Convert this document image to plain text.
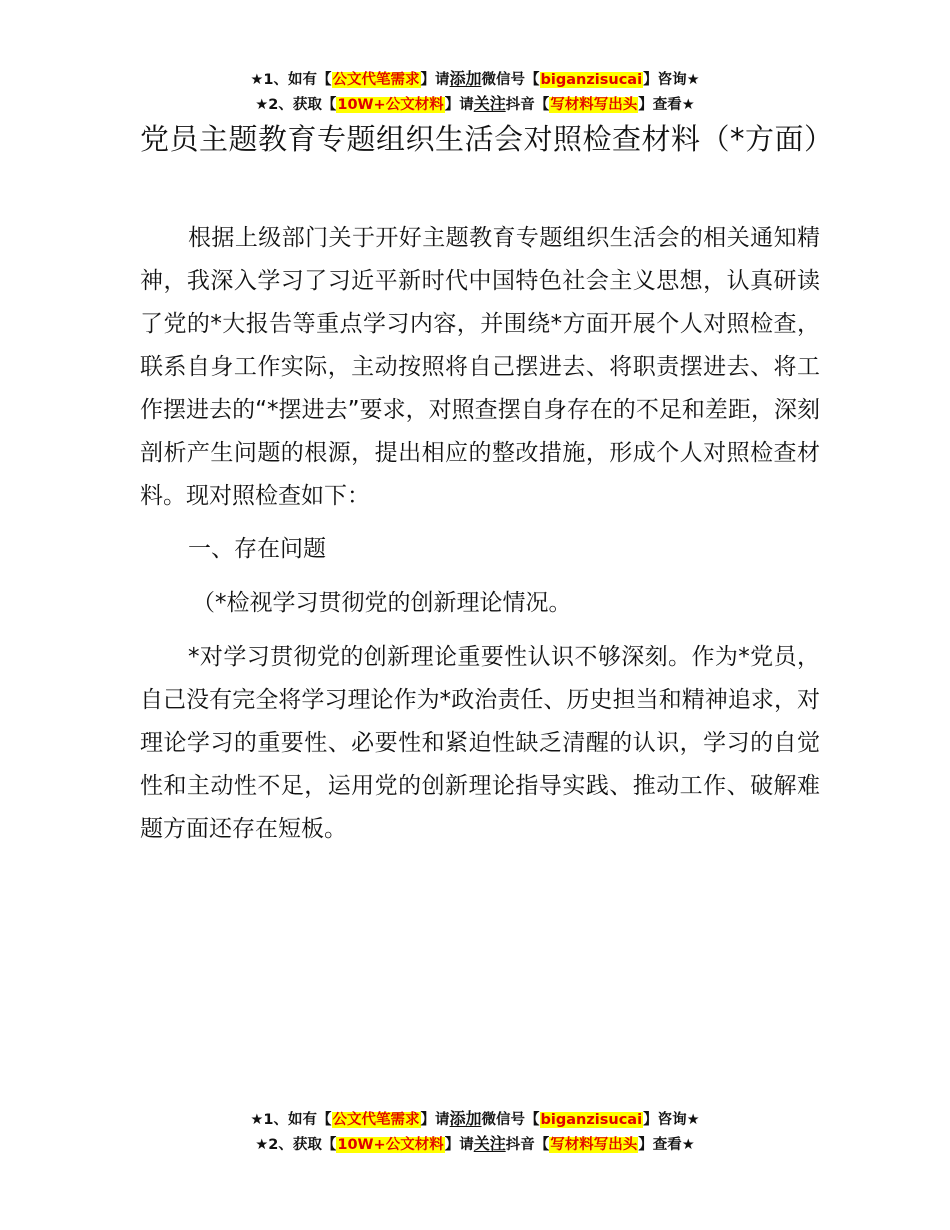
★1、如有【公文代笔需求】请添加微信号【biganzisucai】咨询★
★2、获取【10W+公文材料】请关注抖音【写材料写出头】查看★
党员主题教育专题组织生活会对照检查材料（*方面）

根据上级部门关于开好主题教育专题组织生活会的相关通知精神，我深入学习了习近平新时代中国特色社会主义思想，认真研读了党的*大报告等重点学习内容，并围绕*方面开展个人对照检查，联系自身工作实际，主动按照将自己摆进去、将职责摆进去、将工作摆进去的“*摆进去”要求，对照查摆自身存在的不足和差距，深刻剖析产生问题的根源，提出相应的整改措施，形成个人对照检查材料。现对照检查如下：

一、存在问题

（*检视学习贯彻党的创新理论情况。

*对学习贯彻党的创新理论重要性认识不够深刻。作为*党员，自己没有完全将学习理论作为*政治责任、历史担当和精神追求，对理论学习的重要性、必要性和紧迫性缺乏清醒的认识，学习的自觉性和主动性不足，运用党的创新理论指导实践、推动工作、破解难题方面还存在短板。

★1、如有【公文代笔需求】请添加微信号【biganzisucai】咨询★
★2、获取【10W+公文材料】请关注抖音【写材料写出头】查看★
